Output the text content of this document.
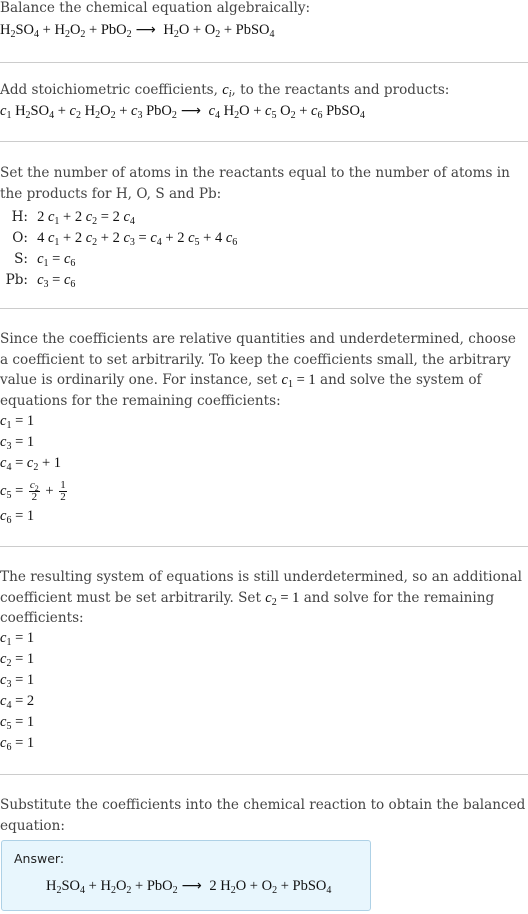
Balance the chemical equation algebraically:

$H_2SO_4 + H_2O_2 + PbO_2$ ⟶ $H_2O + O_2$ + PbSO$_4$

Add stoichiometric coefficients, $c_i$, to the reactants and products:

$c_1$ $H_2SO_4 + c_2$ $H_2O_2 + c_3$ PbO$_2$ ⟶ $c_4$ $H_2O + c_5$ $O_2 + c_6$ PbSO$_4$

Set the number of atoms in the reactants equal to the number of atoms in the products for H, O, S and Pb:

H: 2 $c_1 + 2$ $c_2 = 2$ $c_4$
O: 4 $c_1 + 2$ $c_2 + 2$ $c_3 = c_4 + 2$ $c_5 + 4$ $c_6$
S: $c_1 = c_6$
Pb: $c_3 = c_6$

Since the coefficients are relative quantities and underdetermined, choose a coefficient to set arbitrarily. To keep the coefficients small, the arbitrary value is ordinarily one. For instance, set $c_1 = 1$ and solve the system of equations for the remaining coefficients:

$c_1 = 1$
$c_3 = 1$
$c_4 = c_2 + 1$
$c_5 = \frac{c_2}{2} + \frac{1}{2}$
$c_6 = 1$

The resulting system of equations is still underdetermined, so an additional coefficient must be set arbitrarily. Set $c_2 = 1$ and solve for the remaining coefficients:

$c_1 = 1$
$c_2 = 1$
$c_3 = 1$
$c_4 = 2$
$c_5 = 1$
$c_6 = 1$

Substitute the coefficients into the chemical reaction to obtain the balanced equation:

Answer:
$H_2SO_4 + H_2O_2 + PbO_2$ ⟶ 2 $H_2O + O_2$ + PbSO$_4$
